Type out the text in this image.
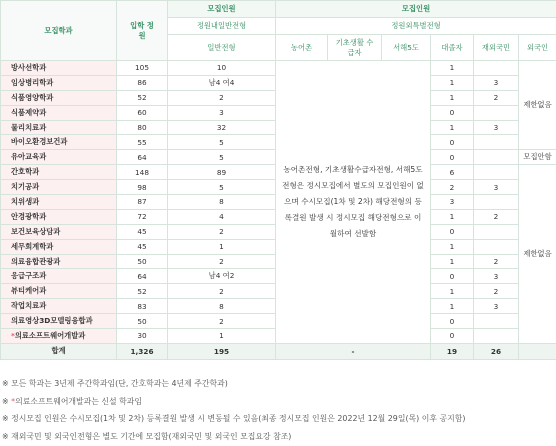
모집학과	입학 정원	모집인원	모집인원					
		정원내일반전형	정원외특별전형					
		일반전형	농어촌	기초생활 수급자	서해5도	대졸자	재외국민	외국인
방사선학과	105	10	농어촌전형, 기초생활수급자전형, 서해5도전형은 정시모집에서 별도의 모집인원이 없으며 수시모집(1차 및 2차) 해당전형의 등록결원 발생 시 정시모집 해당전형으로 이월하여 선발함			1		제한없음
임상병리학과	86	남4 여4				1	3	
식품영양학과	52	2				1	2	
식품제약과	60	3				0		
물리치료과	80	32				1	3	
바이오환경보건과	55	5				0		
유아교육과	64	5				0		모집안함
간호학과	148	89				6		제한없음
치기공과	98	5				2	3	
치위생과	87	8				3		
안경광학과	72	4				1	2	
보건보육상담과	45	2				0		
세무회계학과	45	1				1		
의료융합관광과	50	2				1	2	
응급구조과	64	남4 여2				0	3	
뷰티케어과	52	2				1	2	
작업치료과	83	8				1	3	
의료영상3D모델링융합과	50	2				0		
*의료소프트웨어개발과	30	1				0		
합계	1,326	195	-			19	26	
※ 모든 학과는 3년제 주간학과임(단, 간호학과는 4년제 주간학과)
※ *의료소프트웨어개발과는 신설 학과임
※ 정시모집 인원은 수시모집(1차 및 2차) 등록결원 발생 시 변동될 수 있음(최종 정시모집 인원은 2022년 12월 29일(목) 이후 공지함)
※ 재외국민 및 외국인전형은 별도 기간에 모집함(재외국민 및 외국인 모집요강 참조)
